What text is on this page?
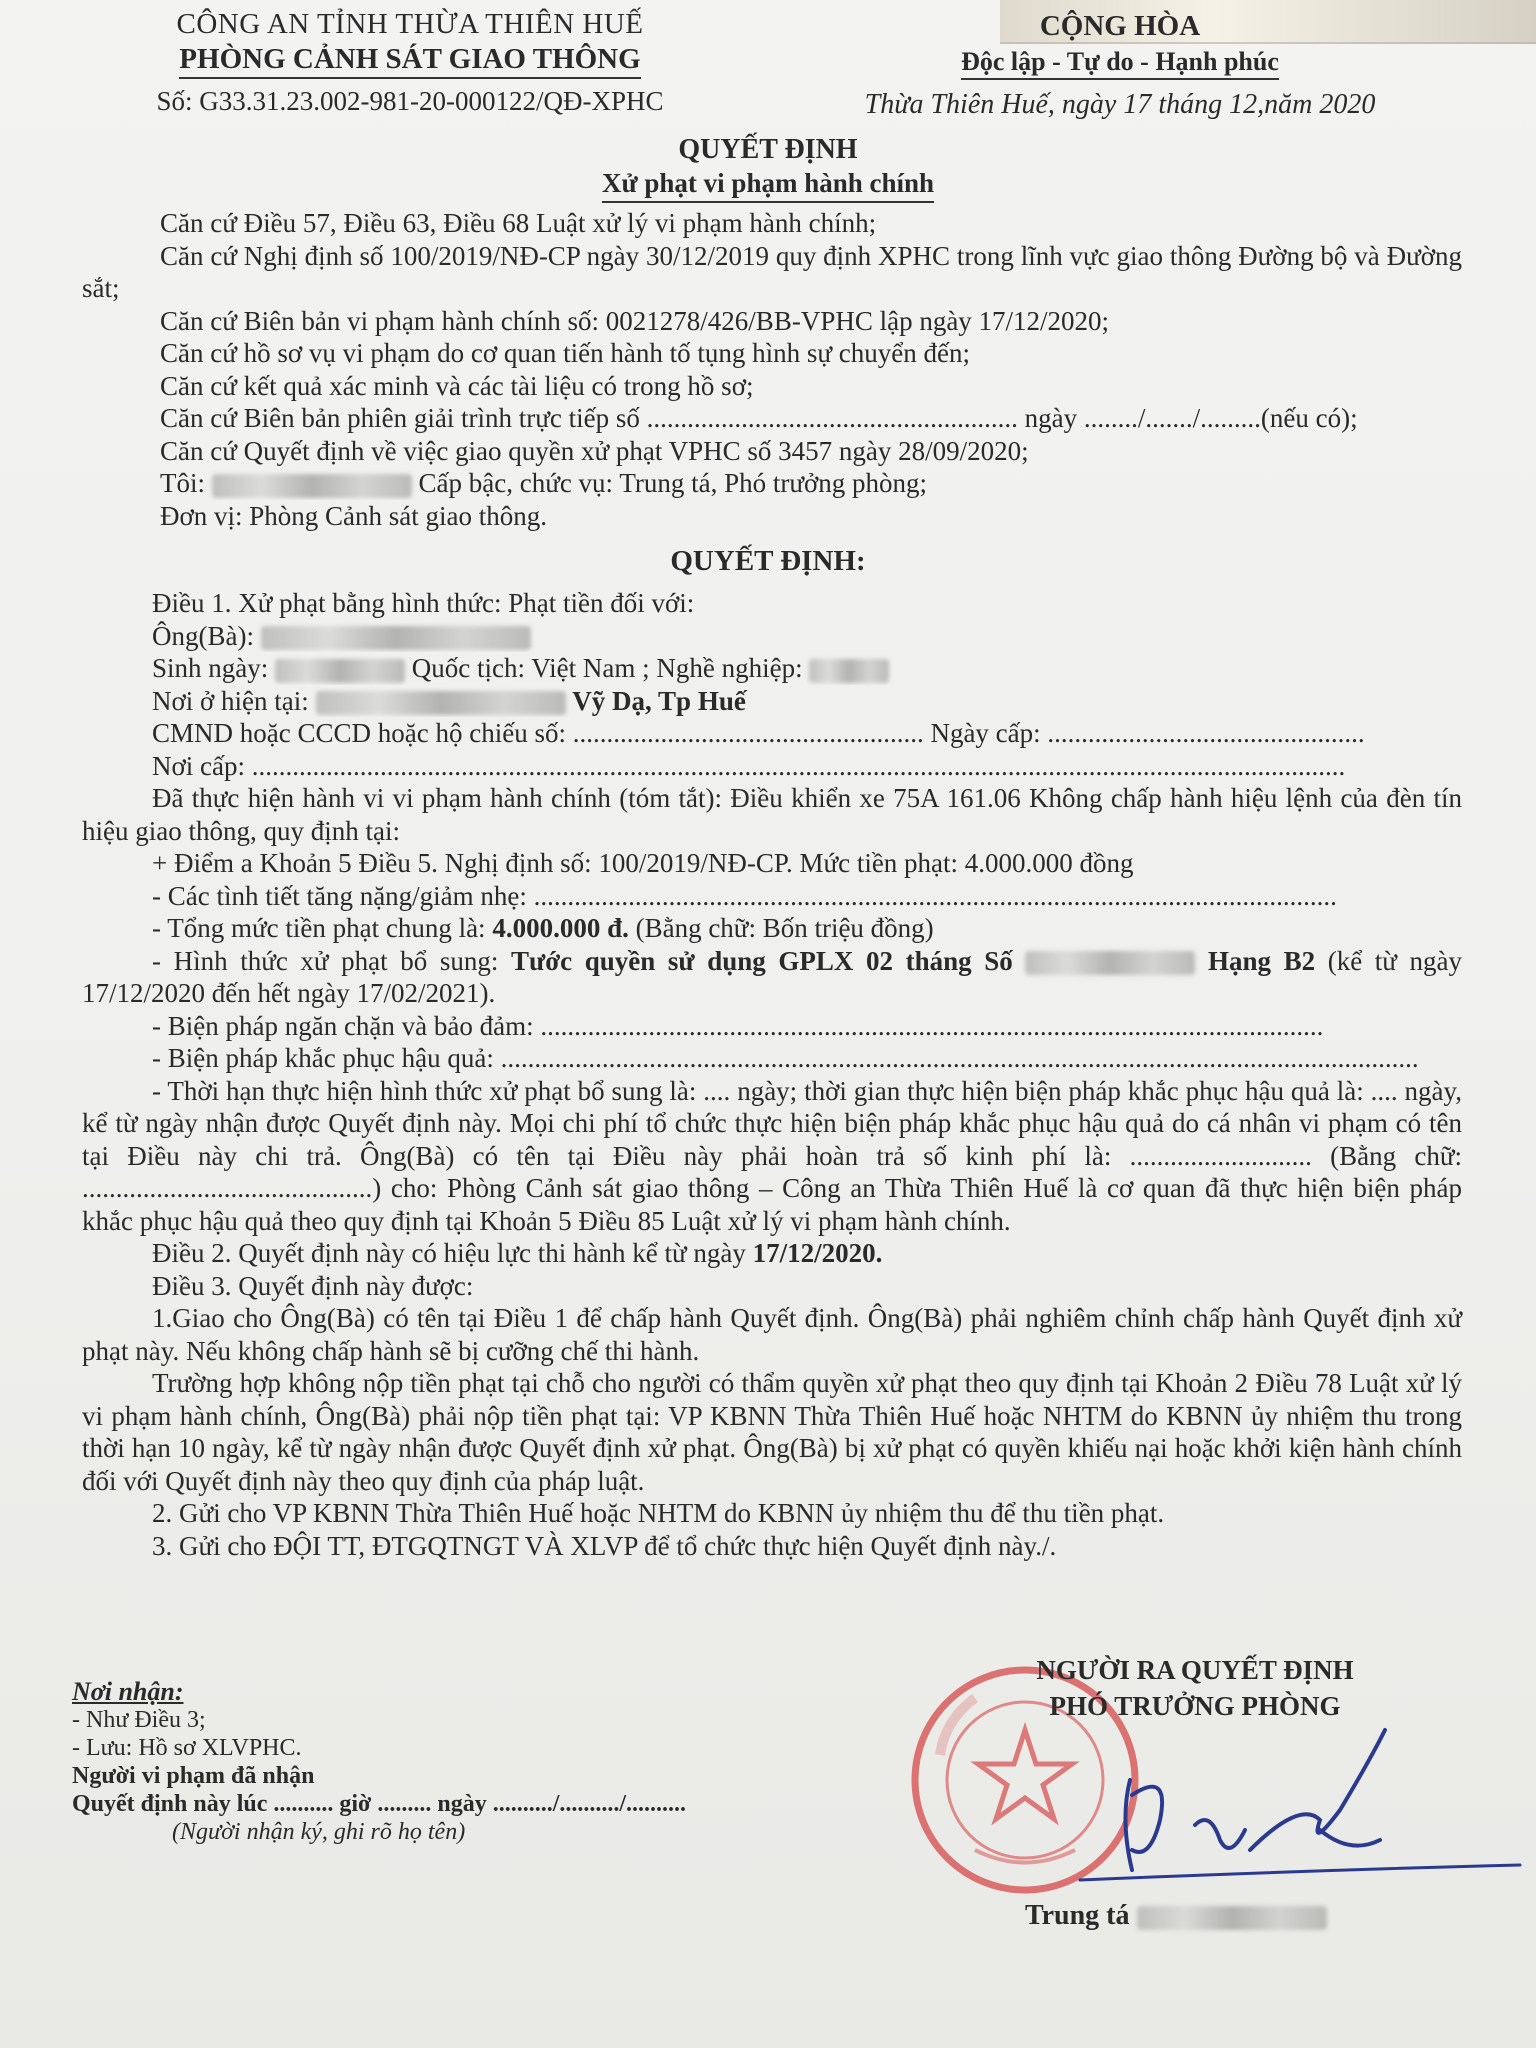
CÔNG AN TỈNH THỪA THIÊN HUẾ
PHÒNG CẢNH SÁT GIAO THÔNG
Số: G33.31.23.002-981-20-000122/QĐ-XPHC
CỘNG HÒA
Độc lập - Tự do - Hạnh phúc
Thừa Thiên Huế, ngày 17 tháng 12,năm 2020
QUYẾT ĐỊNH
Xử phạt vi phạm hành chính

Căn cứ Điều 57, Điều 63, Điều 68 Luật xử lý vi phạm hành chính;

Căn cứ Nghị định số 100/2019/NĐ-CP ngày 30/12/2019 quy định XPHC trong lĩnh vực giao thông Đường bộ và Đường sắt;

Căn cứ Biên bản vi phạm hành chính số: 0021278/426/BB-VPHC lập ngày 17/12/2020;

Căn cứ hồ sơ vụ vi phạm do cơ quan tiến hành tố tụng hình sự chuyển đến;

Căn cứ kết quả xác minh và các tài liệu có trong hồ sơ;

Căn cứ Biên bản phiên giải trình trực tiếp số ....................................................... ngày ......../......./.........(nếu có);

Căn cứ Quyết định về việc giao quyền xử phạt VPHC số 3457 ngày 28/09/2020;

Tôi:	Cấp bậc, chức vụ: Trung tá, Phó trưởng phòng;

Đơn vị: Phòng Cảnh sát giao thông.

QUYẾT ĐỊNH:

Điều 1. Xử phạt bằng hình thức: Phạt tiền đối với:

Ông(Bà):

Sinh ngày:	Quốc tịch: Việt Nam ; Nghề nghiệp:

Nơi ở hiện tại:	Vỹ Dạ, Tp Huế

CMND hoặc CCCD hoặc hộ chiếu số: .................................................... Ngày cấp: ...............................................

Nơi cấp: ..................................................................................................................................................................

Đã thực hiện hành vi vi phạm hành chính (tóm tắt): Điều khiển xe 75A 161.06 Không chấp hành hiệu lệnh của đèn tín hiệu giao thông, quy định tại:

+ Điểm a Khoản 5 Điều 5. Nghị định số: 100/2019/NĐ-CP. Mức tiền phạt: 4.000.000 đồng

- Các tình tiết tăng nặng/giảm nhẹ: .......................................................................................................................

- Tổng mức tiền phạt chung là: 4.000.000 đ. (Bằng chữ: Bốn triệu đồng)

- Hình thức xử phạt bổ sung: Tước quyền sử dụng GPLX 02 tháng Số	Hạng B2 (kể từ ngày 17/12/2020 đến hết ngày 17/02/2021).

- Biện pháp ngăn chặn và bảo đảm: ....................................................................................................................

- Biện pháp khắc phục hậu quả: ........................................................................................................................................

- Thời hạn thực hiện hình thức xử phạt bổ sung là: .... ngày; thời gian thực hiện biện pháp khắc phục hậu quả là: .... ngày, kể từ ngày nhận được Quyết định này. Mọi chi phí tổ chức thực hiện biện pháp khắc phục hậu quả do cá nhân vi phạm có tên tại Điều này chi trả. Ông(Bà) có tên tại Điều này phải hoàn trả số kinh phí là: ........................... (Bằng chữ: ...........................................) cho: Phòng Cảnh sát giao thông – Công an Thừa Thiên Huế là cơ quan đã thực hiện biện pháp khắc phục hậu quả theo quy định tại Khoản 5 Điều 85 Luật xử lý vi phạm hành chính.

Điều 2. Quyết định này có hiệu lực thi hành kể từ ngày 17/12/2020.

Điều 3. Quyết định này được:

1.Giao cho Ông(Bà) có tên tại Điều 1 để chấp hành Quyết định. Ông(Bà) phải nghiêm chỉnh chấp hành Quyết định xử phạt này. Nếu không chấp hành sẽ bị cưỡng chế thi hành.

Trường hợp không nộp tiền phạt tại chỗ cho người có thẩm quyền xử phạt theo quy định tại Khoản 2 Điều 78 Luật xử lý vi phạm hành chính, Ông(Bà) phải nộp tiền phạt tại: VP KBNN Thừa Thiên Huế hoặc NHTM do KBNN ủy nhiệm thu trong thời hạn 10 ngày, kể từ ngày nhận được Quyết định xử phạt. Ông(Bà) bị xử phạt có quyền khiếu nại hoặc khởi kiện hành chính đối với Quyết định này theo quy định của pháp luật.

2. Gửi cho VP KBNN Thừa Thiên Huế hoặc NHTM do KBNN ủy nhiệm thu để thu tiền phạt.

3. Gửi cho ĐỘI TT, ĐTGQTNGT VÀ XLVP để tổ chức thực hiện Quyết định này./.

Nơi nhận:
- Như Điều 3;
- Lưu: Hồ sơ XLVPHC.
Người vi phạm đã nhận
Quyết định này lúc .......... giờ ......... ngày ........../........../..........
(Người nhận ký, ghi rõ họ tên)
NGƯỜI RA QUYẾT ĐỊNH
PHÓ TRƯỞNG PHÒNG
Trung tá
